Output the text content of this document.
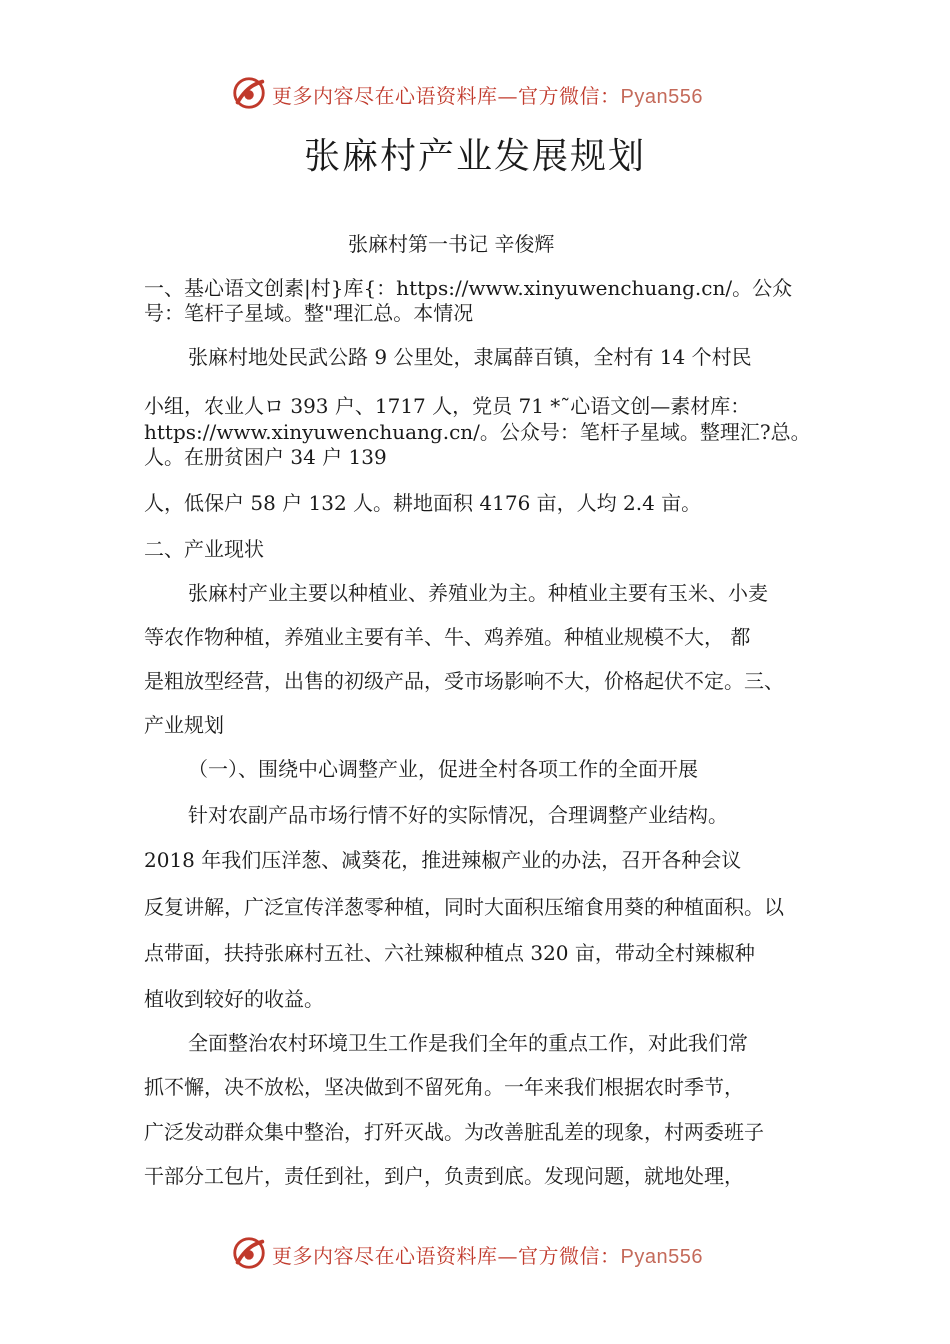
更多内容尽在心语资料库—官方微信：Pyan556
张麻村产业发展规划
张麻村第一书记 辛俊辉
一、基心语文创素|村}库{：https://www.xinyuwenchuang.cn/。公众
号：笔杆子星域。整"理汇总。本情况
张麻村地处民武公路 9 公里处，隶属薛百镇，全村有 14 个村民
小组，农业人ロ 393 户、1717 人，党员 71 *˜心语文创—素材库：
https://www.xinyuwenchuang.cn/。公众号：笔杆子星域。整理汇?总。
人。在册贫困户 34 户 139
人，低保户 58 户 132 人。耕地面积 4176 亩，人均 2.4 亩。
二、产业现状
张麻村产业主要以种植业、养殖业为主。种植业主要有玉米、小麦
等农作物种植，养殖业主要有羊、牛、鸡养殖。种植业规模不大， 都
是粗放型经营，出售的初级产品，受市场影响不大，价格起伏不定。三、
产业规划
（一）、围绕中心调整产业，促进全村各项工作的全面开展
针对农副产品市场行情不好的实际情况，合理调整产业结构。
2018 年我们压洋葱、减葵花，推进辣椒产业的办法，召开各种会议
反复讲解，广泛宣传洋葱零种植，同时大面积压缩食用葵的种植面积。以
点带面，扶持张麻村五社、六社辣椒种植点 320 亩，带动全村辣椒种
植收到较好的收益。
全面整治农村环境卫生工作是我们全年的重点工作，对此我们常
抓不懈，决不放松，坚决做到不留死角。一年来我们根据农时季节，
广泛发动群众集中整治，打歼灭战。为改善脏乱差的现象，村两委班子
干部分工包片，责任到社，到户，负责到底。发现问题，就地处理，
更多内容尽在心语资料库—官方微信：Pyan556
